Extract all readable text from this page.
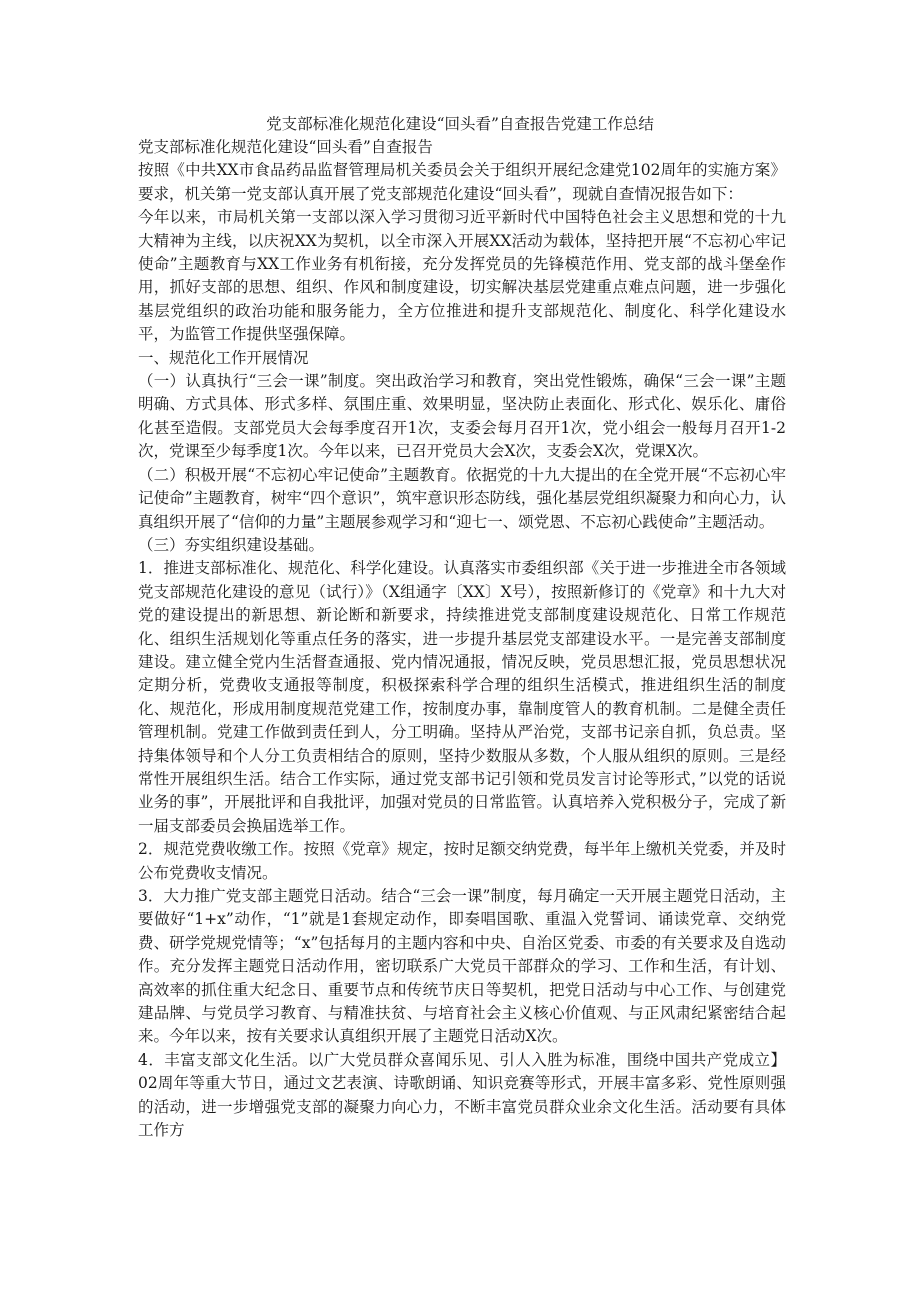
党支部标准化规范化建设“回头看”自查报告党建工作总结

党支部标准化规范化建设“回头看”自查报告

按照《中共XX市食品药品监督管理局机关委员会关于组织开展纪念建党102周年的实施方案》要求，机关第一党支部认真开展了党支部规范化建设“回头看”，现就自查情况报告如下：

今年以来，市局机关第一支部以深入学习贯彻习近平新时代中国特色社会主义思想和党的十九大精神为主线，以庆祝XX为契机，以全市深入开展XX活动为载体，坚持把开展“不忘初心牢记使命”主题教育与XX工作业务有机衔接，充分发挥党员的先锋模范作用、党支部的战斗堡垒作用，抓好支部的思想、组织、作风和制度建设，切实解决基层党建重点难点问题，进一步强化基层党组织的政治功能和服务能力，全方位推进和提升支部规范化、制度化、科学化建设水平，为监管工作提供坚强保障。

一、规范化工作开展情况

（一）认真执行“三会一课”制度。突出政治学习和教育，突出党性锻炼，确保“三会一课”主题明确、方式具体、形式多样、氛围庄重、效果明显，坚决防止表面化、形式化、娱乐化、庸俗化甚至造假。支部党员大会每季度召开1次，支委会每月召开1次，党小组会一般每月召开1-2次，党课至少每季度1次。今年以来，已召开党员大会X次，支委会X次，党课X次。

（二）积极开展“不忘初心牢记使命”主题教育。依据党的十九大提出的在全党开展“不忘初心牢记使命”主题教育，树牢“四个意识”，筑牢意识形态防线，强化基层党组织凝聚力和向心力，认真组织开展了“信仰的力量”主题展参观学习和“迎七一、颂党恩、不忘初心践使命”主题活动。

（三）夯实组织建设基础。

1．推进支部标准化、规范化、科学化建设。认真落实市委组织部《关于进一步推进全市各领域党支部规范化建设的意见（试行）》（X组通字〔XX〕X号），按照新修订的《党章》和十九大对党的建设提出的新思想、新论断和新要求，持续推进党支部制度建设规范化、日常工作规范化、组织生活规划化等重点任务的落实，进一步提升基层党支部建设水平。一是完善支部制度建设。建立健全党内生活督查通报、党内情况通报，情况反映，党员思想汇报，党员思想状况定期分析，党费收支通报等制度，积极探索科学合理的组织生活模式，推进组织生活的制度化、规范化，形成用制度规范党建工作，按制度办事，靠制度管人的教育机制。二是健全责任管理机制。党建工作做到责任到人，分工明确。坚持从严治党，支部书记亲自抓，负总责。坚持集体领导和个人分工负责相结合的原则，坚持少数服从多数，个人服从组织的原则。三是经常性开展组织生活。结合工作实际，通过党支部书记引领和党员发言讨论等形式，”以党的话说业务的事”，开展批评和自我批评，加强对党员的日常监管。认真培养入党积极分子，完成了新一届支部委员会换届选举工作。

2．规范党费收缴工作。按照《党章》规定，按时足额交纳党费，每半年上缴机关党委，并及时公布党费收支情况。

3．大力推广党支部主题党日活动。结合“三会一课”制度，每月确定一天开展主题党日活动，主要做好“1+x”动作，“1”就是1套规定动作，即奏唱国歌、重温入党誓词、诵读党章、交纳党费、研学党规党情等；“x”包括每月的主题内容和中央、自治区党委、市委的有关要求及自选动作。充分发挥主题党日活动作用，密切联系广大党员干部群众的学习、工作和生活，有计划、高效率的抓住重大纪念日、重要节点和传统节庆日等契机，把党日活动与中心工作、与创建党建品牌、与党员学习教育、与精准扶贫、与培育社会主义核心价值观、与正风肃纪紧密结合起来。今年以来，按有关要求认真组织开展了主题党日活动X次。

4．丰富支部文化生活。以广大党员群众喜闻乐见、引人入胜为标准，围绕中国共产党成立】02周年等重大节日，通过文艺表演、诗歌朗诵、知识竞赛等形式，开展丰富多彩、党性原则强的活动，进一步增强党支部的凝聚力向心力，不断丰富党员群众业余文化生活。活动要有具体工作方
